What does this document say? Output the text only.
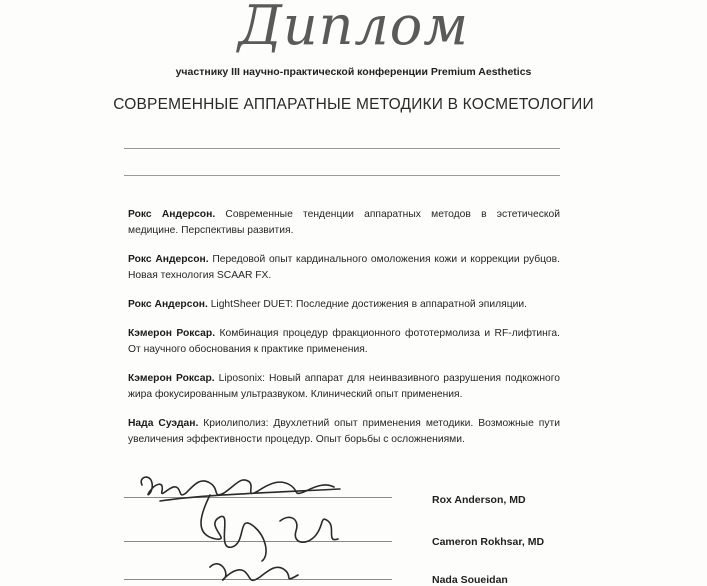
Диплом
участнику III научно-практической конференции Premium Aesthetics
СОВРЕМЕННЫЕ АППАРАТНЫЕ МЕТОДИКИ В КОСМЕТОЛОГИИ

Рокс Андерсон. Современные тенденции аппаратных методов в эстетической медицине. Перспективы развития.

Рокс Андерсон. Передовой опыт кардинального омоложения кожи и коррекции рубцов. Новая технология SCAAR FX.

Рокс Андерсон. LightSheer DUET: Последние достижения в аппаратной эпиляции.

Кэмерон Роксар. Комбинация процедур фракционного фототермолиза и RF-лифтинга. От научного обоснования к практике применения.

Кэмерон Роксар. Liposonix: Новый аппарат для неинвазивного разрушения подкожного жира фокусированным ультразвуком. Клинический опыт применения.

Нада Суэдан. Криолиполиз: Двухлетний опыт применения методики. Возможные пути увеличения эффективности процедур. Опыт борьбы с осложнениями.

Rox Anderson, MD
Cameron Rokhsar, MD
Nada Soueidan
